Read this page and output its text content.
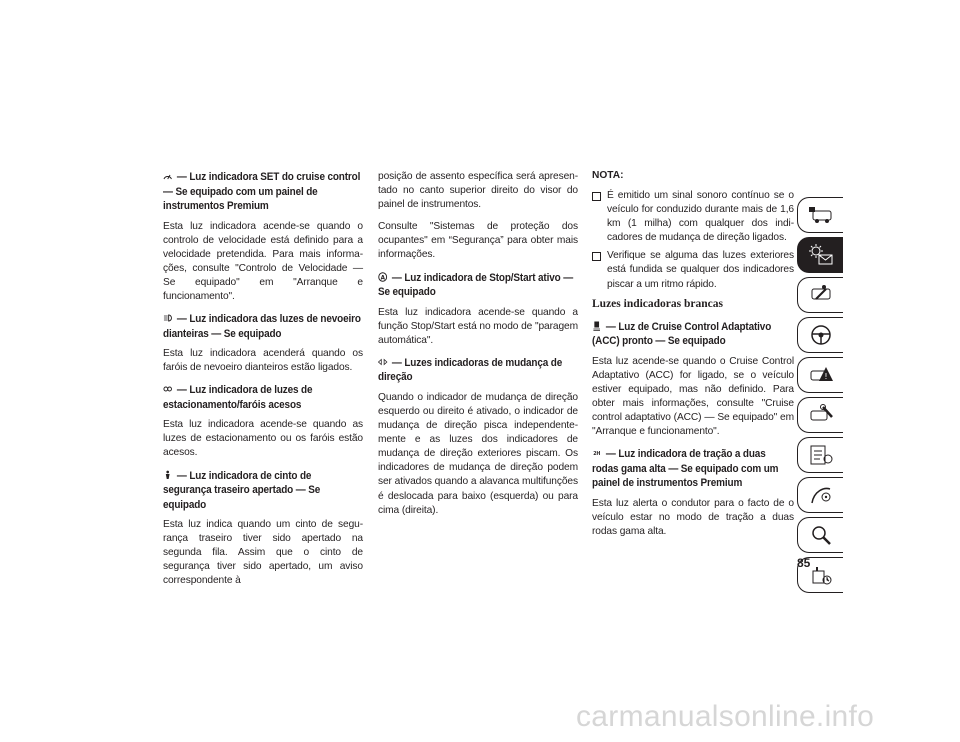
— Luz indicadora SET do cruise control — Se equipado com um painel de instrumentos Premium
Esta luz indicadora acende-se quando o controlo de velocidade está definido para a velocidade pretendida. Para mais informa-ções, consulte "Controlo de Velocidade — Se equipado" em "Arranque e funcionamento".
— Luz indicadora das luzes de nevoeiro dianteiras — Se equipado
Esta luz indicadora acenderá quando os faróis de nevoeiro dianteiros estão ligados.
— Luz indicadora de luzes de estacionamento/faróis acesos
Esta luz indicadora acende-se quando as luzes de estacionamento ou os faróis estão acesos.
— Luz indicadora de cinto de segurança traseiro apertado — Se equipado
Esta luz indica quando um cinto de segu-rança traseiro tiver sido apertado na segunda fila. Assim que o cinto de segurança tiver sido apertado, um aviso correspondente à
posição de assento específica será apresen-tado no canto superior direito do visor do painel de instrumentos.
Consulte "Sistemas de proteção dos ocupantes" em “Segurança” para obter mais informações.
A — Luz indicadora de Stop/Start ativo — Se equipado
Esta luz indicadora acende-se quando a função Stop/Start está no modo de "paragem automática".
— Luzes indicadoras de mudança de direção
Quando o indicador de mudança de direção esquerdo ou direito é ativado, o indicador de mudança de direção pisca independente-mente e as luzes dos indicadores de mudança de direção exteriores piscam. Os indicadores de mudança de direção podem ser ativados quando a alavanca multifunções é deslocada para baixo (esquerda) ou para cima (direita).
NOTA:
É emitido um sinal sonoro contínuo se o veículo for conduzido durante mais de 1,6 km (1 milha) com qualquer dos indi-cadores de mudança de direção ligados.
Verifique se alguma das luzes exteriores está fundida se qualquer dos indicadores piscar a um ritmo rápido.
Luzes indicadoras brancas
— Luz de Cruise Control Adaptativo (ACC) pronto — Se equipado
Esta luz acende-se quando o Cruise Control Adaptativo (ACC) for ligado, se o veículo estiver equipado, mas não definido. Para obter mais informações, consulte "Cruise control adaptativo (ACC) — Se equipado" em "Arranque e funcionamento".
2H — Luz indicadora de tração a duas rodas gama alta — Se equipado com um painel de instrumentos Premium
Esta luz alerta o condutor para o facto de o veículo estar no modo de tração a duas rodas gama alta.
!
85
carmanualsonline.info
